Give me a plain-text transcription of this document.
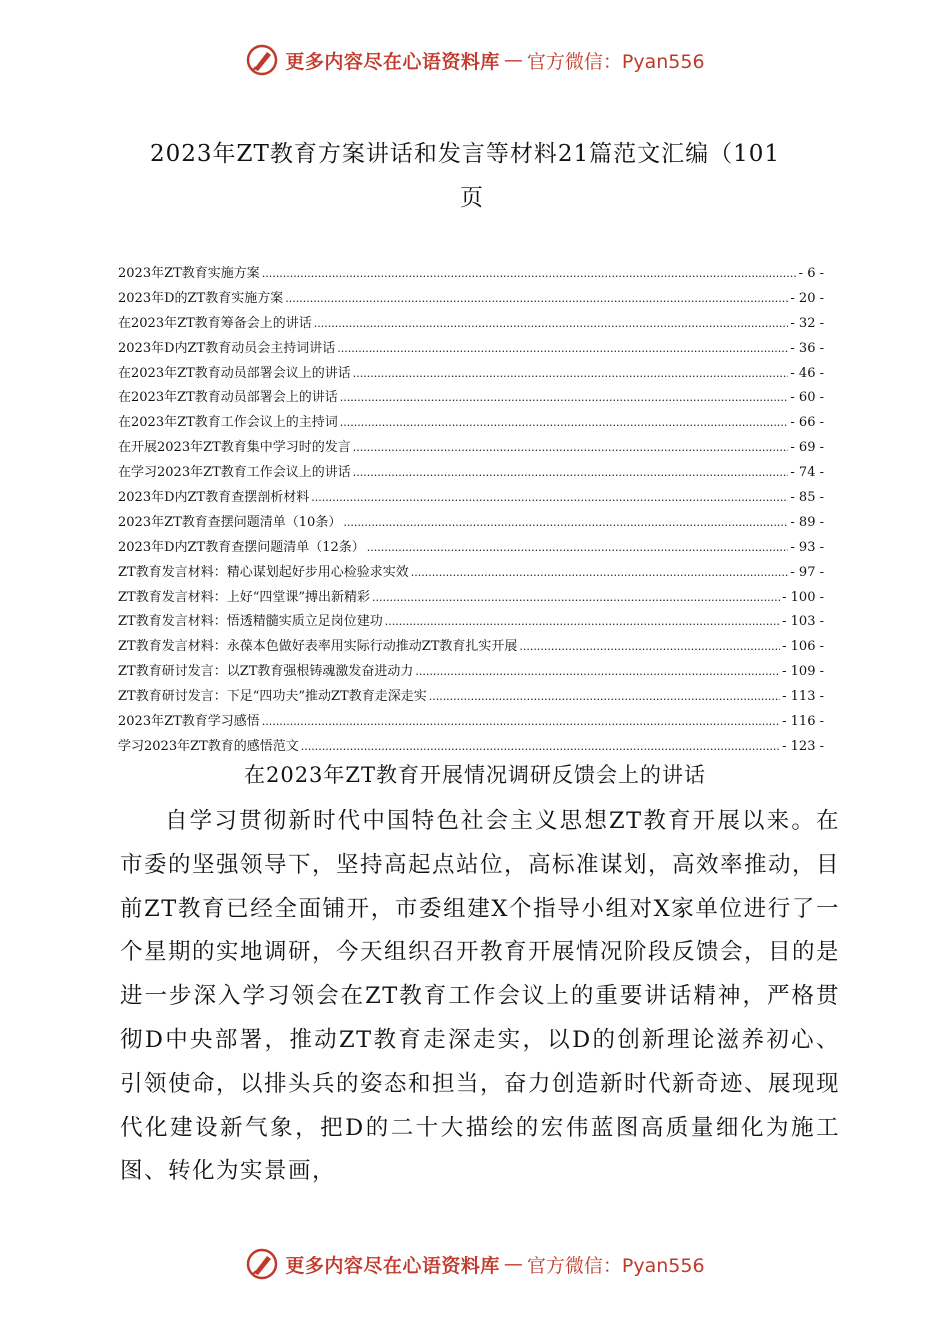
更多内容尽在心语资料库 — 官方微信：Pyan556
2023年ZT教育方案讲话和发言等材料21篇范文汇编（101
页
2023年ZT教育实施方案 .....	- 6 -
2023年D的ZT教育实施方案 .....	- 20 -
在2023年ZT教育筹备会上的讲话 .....	- 32 -
2023年D内ZT教育动员会主持词讲话 .....	- 36 -
在2023年ZT教育动员部署会议上的讲话 .....	- 46 -
在2023年ZT教育动员部署会上的讲话 .....	- 60 -
在2023年ZT教育工作会议上的主持词 .....	- 66 -
在开展2023年ZT教育集中学习时的发言 .....	- 69 -
在学习2023年ZT教育工作会议上的讲话 .....	- 74 -
2023年D内ZT教育查摆剖析材料 .....	- 85 -
2023年ZT教育查摆问题清单（10条） .....	- 89 -
2023年D内ZT教育查摆问题清单（12条） .....	- 93 -
ZT教育发言材料：精心谋划起好步用心检验求实效 .....	- 97 -
ZT教育发言材料：上好“四堂课”搏出新精彩 .....	- 100 -
ZT教育发言材料：悟透精髓实质立足岗位建功 .....	- 103 -
ZT教育发言材料：永葆本色做好表率用实际行动推动ZT教育扎实开展 .....	- 106 -
ZT教育研讨发言：以ZT教育强根铸魂激发奋进动力 .....	- 109 -
ZT教育研讨发言：下足“四功夫”推动ZT教育走深走实 .....	- 113 -
2023年ZT教育学习感悟 .....	- 116 -
学习2023年ZT教育的感悟范文 .....	- 123 -
在2023年ZT教育开展情况调研反馈会上的讲话
自学习贯彻新时代中国特色社会主义思想ZT教育开展以来。在市委的坚强领导下，坚持高起点站位，高标准谋划，高效率推动，目前ZT教育已经全面铺开，市委组建X个指导小组对X家单位进行了一个星期的实地调研，今天组织召开教育开展情况阶段反馈会，目的是进一步深入学习领会在ZT教育工作会议上的重要讲话精神，严格贯彻D中央部署，推动ZT教育走深走实，以D的创新理论滋养初心、引领使命，以排头兵的姿态和担当，奋力创造新时代新奇迹、展现现代化建设新气象，把D的二十大描绘的宏伟蓝图高质量细化为施工图、转化为实景画，
更多内容尽在心语资料库 — 官方微信：Pyan556
